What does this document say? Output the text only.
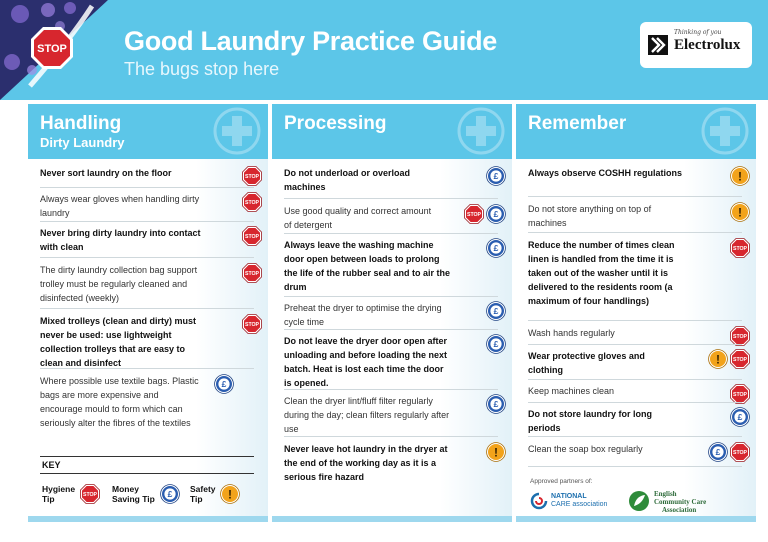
STOP Good Laundry Practice Guide
The bugs stop here
Thinking of you
Electrolux
Handling
Dirty Laundry
Never sort laundry on the floor	STOP
Always wear gloves when handling dirty laundry
STOP
Never bring dirty laundry into contact with clean
STOP
The dirty laundry collection bag support trolley must be regularly cleaned and disinfected (weekly)
STOP
Mixed trolleys (clean and dirty) must never be used: use lightweight collection trolleys that are easy to clean and disinfect
STOP
Where possible use textile bags. Plastic bags are more expensive and encourage mould to form which can seriously alter the fibres of the textiles
£
KEY
Hygiene Tip	STOP
Money Saving Tip	£
Safety Tip	!
Processing
Do not underload or overload machines
£
Use good quality and correct amount of detergent
STOP £
Always leave the washing machine door open between loads to prolong the life of the rubber seal and to air the drum
£
Preheat the dryer to optimise the drying cycle time
£
Do not leave the dryer door open after unloading and before loading the next batch. Heat is lost each time the door is opened.
£
Clean the dryer lint/fluff filter regularly during the day; clean filters regularly after use
£
Never leave hot laundry in the dryer at the end of the working day as it is a serious fire hazard
!
Remember
Always observe COSHH regulations	!
Do not store anything on top of machines
!
Reduce the number of times clean linen is handled from the time it is taken out of the washer until it is delivered to the residents room (a maximum of four handlings)
STOP
Wash hands regularly	STOP
Wear protective gloves and clothing
! STOP
Keep machines clean	STOP
Do not store laundry for long periods
£
Clean the soap box regularly	£ STOP
Approved partners of:
NATIONAL
CARE association
English
Community Care
Association
